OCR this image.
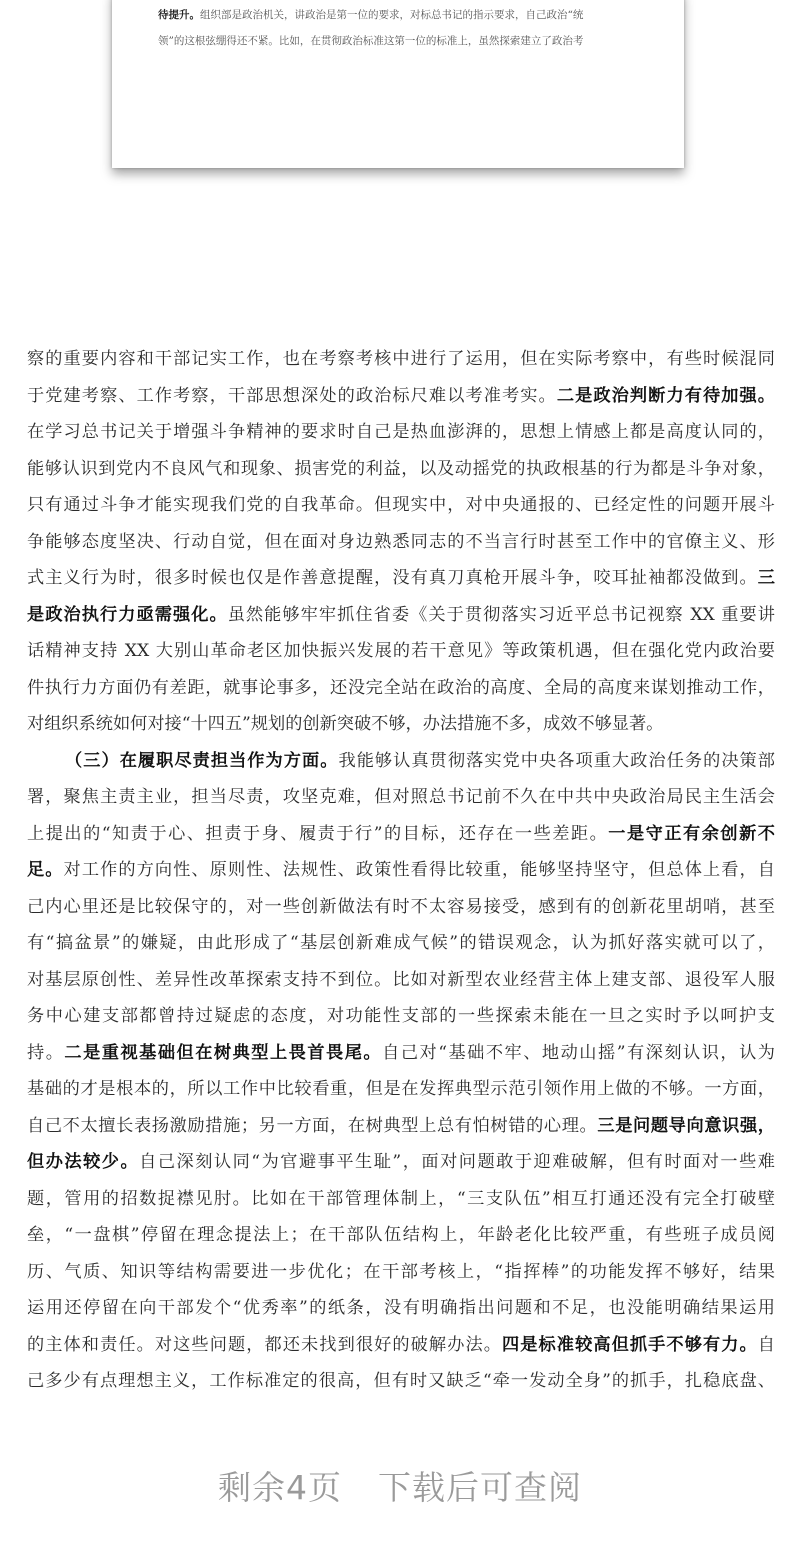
待提升。组织部是政治机关，讲政治是第一位的要求，对标总书记的指示要求，自己政治“统
领”的这根弦绷得还不紧。比如，在贯彻政治标准这第一位的标准上，虽然探索建立了政治考
察的重要内容和干部记实工作，也在考察考核中进行了运用，但在实际考察中，有些时候混同
于党建考察、工作考察，干部思想深处的政治标尺难以考准考实。二是政治判断力有待加强。
在学习总书记关于增强斗争精神的要求时自己是热血澎湃的，思想上情感上都是高度认同的，
能够认识到党内不良风气和现象、损害党的利益，以及动摇党的执政根基的行为都是斗争对象，
只有通过斗争才能实现我们党的自我革命。但现实中，对中央通报的、已经定性的问题开展斗
争能够态度坚决、行动自觉，但在面对身边熟悉同志的不当言行时甚至工作中的官僚主义、形
式主义行为时，很多时候也仅是作善意提醒，没有真刀真枪开展斗争，咬耳扯袖都没做到。三
是政治执行力亟需强化。虽然能够牢牢抓住省委《关于贯彻落实习近平总书记视察 XX 重要讲
话精神支持 XX 大别山革命老区加快振兴发展的若干意见》等政策机遇，但在强化党内政治要
件执行力方面仍有差距，就事论事多，还没完全站在政治的高度、全局的高度来谋划推动工作，
对组织系统如何对接“十四五”规划的创新突破不够，办法措施不多，成效不够显著。
（三）在履职尽责担当作为方面。我能够认真贯彻落实党中央各项重大政治任务的决策部
署，聚焦主责主业，担当尽责，攻坚克难，但对照总书记前不久在中共中央政治局民主生活会
上提出的“知责于心、担责于身、履责于行”的目标，还存在一些差距。一是守正有余创新不
足。对工作的方向性、原则性、法规性、政策性看得比较重，能够坚持坚守，但总体上看，自
己内心里还是比较保守的，对一些创新做法有时不太容易接受，感到有的创新花里胡哨，甚至
有“搞盆景”的嫌疑，由此形成了“基层创新难成气候”的错误观念，认为抓好落实就可以了，
对基层原创性、差异性改革探索支持不到位。比如对新型农业经营主体上建支部、退役军人服
务中心建支部都曾持过疑虑的态度，对功能性支部的一些探索未能在一旦之实时予以呵护支
持。二是重视基础但在树典型上畏首畏尾。自己对“基础不牢、地动山摇”有深刻认识，认为
基础的才是根本的，所以工作中比较看重，但是在发挥典型示范引领作用上做的不够。一方面，
自己不太擅长表扬激励措施；另一方面，在树典型上总有怕树错的心理。三是问题导向意识强，
但办法较少。自己深刻认同“为官避事平生耻”，面对问题敢于迎难破解，但有时面对一些难
题，管用的招数捉襟见肘。比如在干部管理体制上，“三支队伍”相互打通还没有完全打破壁
垒，“一盘棋”停留在理念提法上；在干部队伍结构上，年龄老化比较严重，有些班子成员阅
历、气质、知识等结构需要进一步优化；在干部考核上，“指挥棒”的功能发挥不够好，结果
运用还停留在向干部发个“优秀率”的纸条，没有明确指出问题和不足，也没能明确结果运用
的主体和责任。对这些问题，都还未找到很好的破解办法。四是标准较高但抓手不够有力。自
己多少有点理想主义，工作标准定的很高，但有时又缺乏“牵一发动全身”的抓手，扎稳底盘、
剩余4页 下载后可查阅
